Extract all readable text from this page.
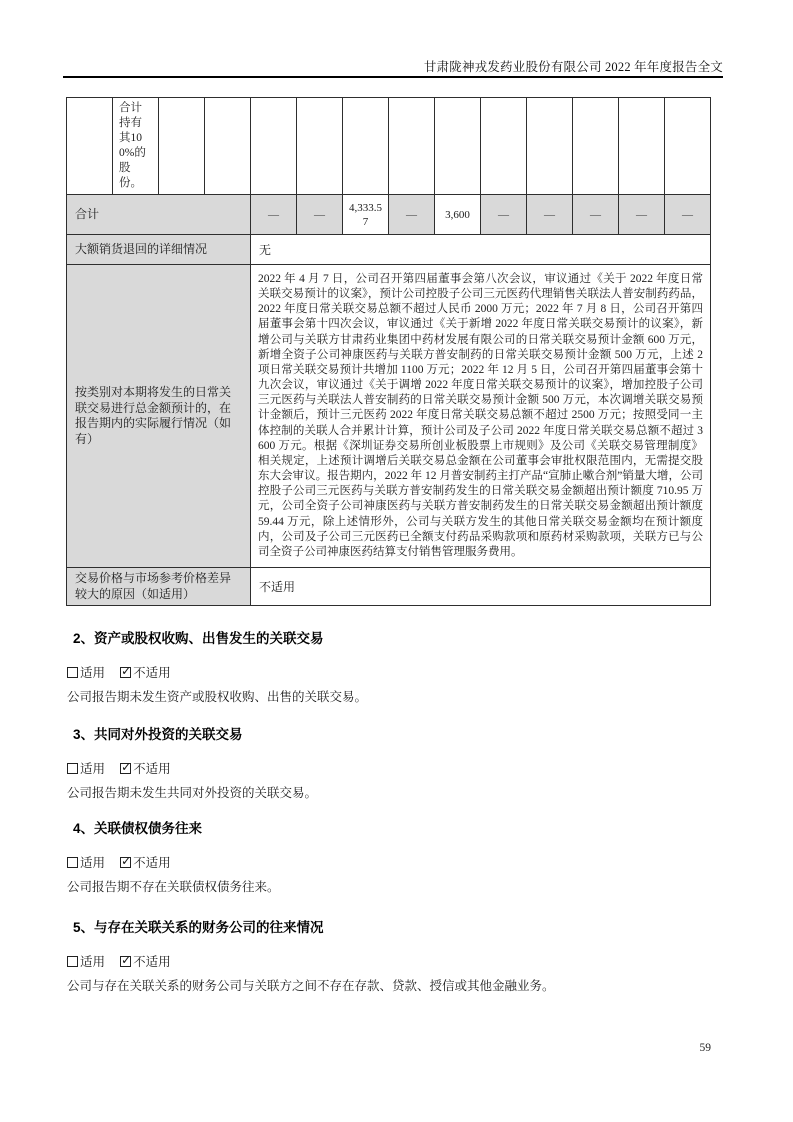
甘肃陇神戎发药业股份有限公司 2022 年年度报告全文
	合计持有其100%的股份。												
合计				—	—	4,333.57	—	3,600	—	—	—	—	—
大额销货退回的详细情况				无									
按类别对本期将发生的日常关联交易进行总金额预计的，在报告期内的实际履行情况（如有）				2022 年 4 月 7 日，公司召开第四届董事会第八次会议，审议通过《关于 2022 年度日常关联交易预计的议案》，预计公司控股子公司三元医药代理销售关联法人普安制药药品，2022 年度日常关联交易总额不超过人民币 2000 万元；2022 年 7 月 8 日，公司召开第四届董事会第十四次会议，审议通过《关于新增 2022 年度日常关联交易预计的议案》，新增公司与关联方甘肃药业集团中药材发展有限公司的日常关联交易预计金额 600 万元，新增全资子公司神康医药与关联方普安制药的日常关联交易预计金额 500 万元，上述 2 项日常关联交易预计共增加 1100 万元；2022 年 12 月 5 日，公司召开第四届董事会第十九次会议，审议通过《关于调增 2022 年度日常关联交易预计的议案》，增加控股子公司三元医药与关联法人普安制药的日常关联交易预计金额 500 万元，本次调增关联交易预计金额后，预计三元医药 2022 年度日常关联交易总额不超过 2500 万元；按照受同一主体控制的关联人合并累计计算，预计公司及子公司 2022 年度日常关联交易总额不超过 3600 万元。根据《深圳证券交易所创业板股票上市规则》及公司《关联交易管理制度》相关规定，上述预计调增后关联交易总金额在公司董事会审批权限范围内，无需提交股东大会审议。报告期内，2022 年 12 月普安制药主打产品“宣肺止嗽合剂”销量大增，公司控股子公司三元医药与关联方普安制药发生的日常关联交易金额超出预计额度 710.95 万元，公司全资子公司神康医药与关联方普安制药发生的日常关联交易金额超出预计额度 59.44 万元，除上述情形外，公司与关联方发生的其他日常关联交易金额均在预计额度内，公司及子公司三元医药已全额支付药品采购款项和原药材采购款项，关联方已与公司全资子公司神康医药结算支付销售管理服务费用。									
交易价格与市场参考价格差异较大的原因（如适用）				不适用									
2、资产或股权收购、出售发生的关联交易
适用 ✓ 不适用
公司报告期未发生资产或股权收购、出售的关联交易。
3、共同对外投资的关联交易
适用 ✓ 不适用
公司报告期未发生共同对外投资的关联交易。
4、关联债权债务往来
适用 ✓ 不适用
公司报告期不存在关联债权债务往来。
5、与存在关联关系的财务公司的往来情况
适用 ✓ 不适用
公司与存在关联关系的财务公司与关联方之间不存在存款、贷款、授信或其他金融业务。
59
